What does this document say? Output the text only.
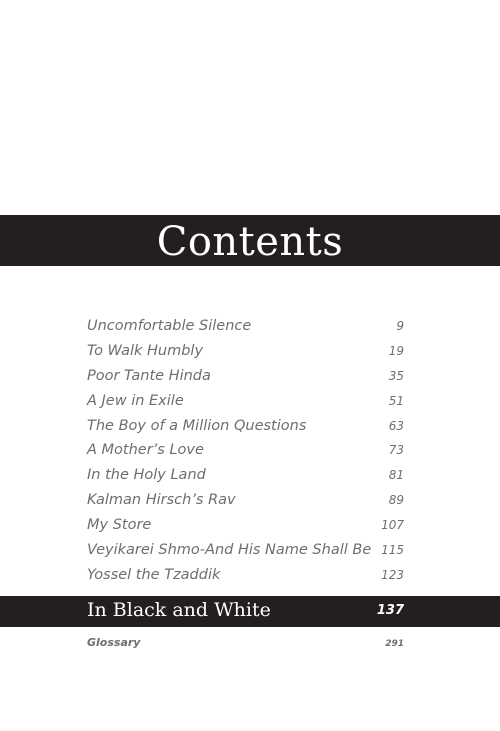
Contents
Uncomfortable Silence	9
To Walk Humbly	19
Poor Tante Hinda	35
A Jew in Exile	51
The Boy of a Million Questions	63
A Mother’s Love	73
In the Holy Land	81
Kalman Hirsch’s Rav	89
My Store	107
Veyikarei Shmo-And His Name Shall Be 115
Yossel the Tzaddik	123
In Black and White	137
Glossary	291
